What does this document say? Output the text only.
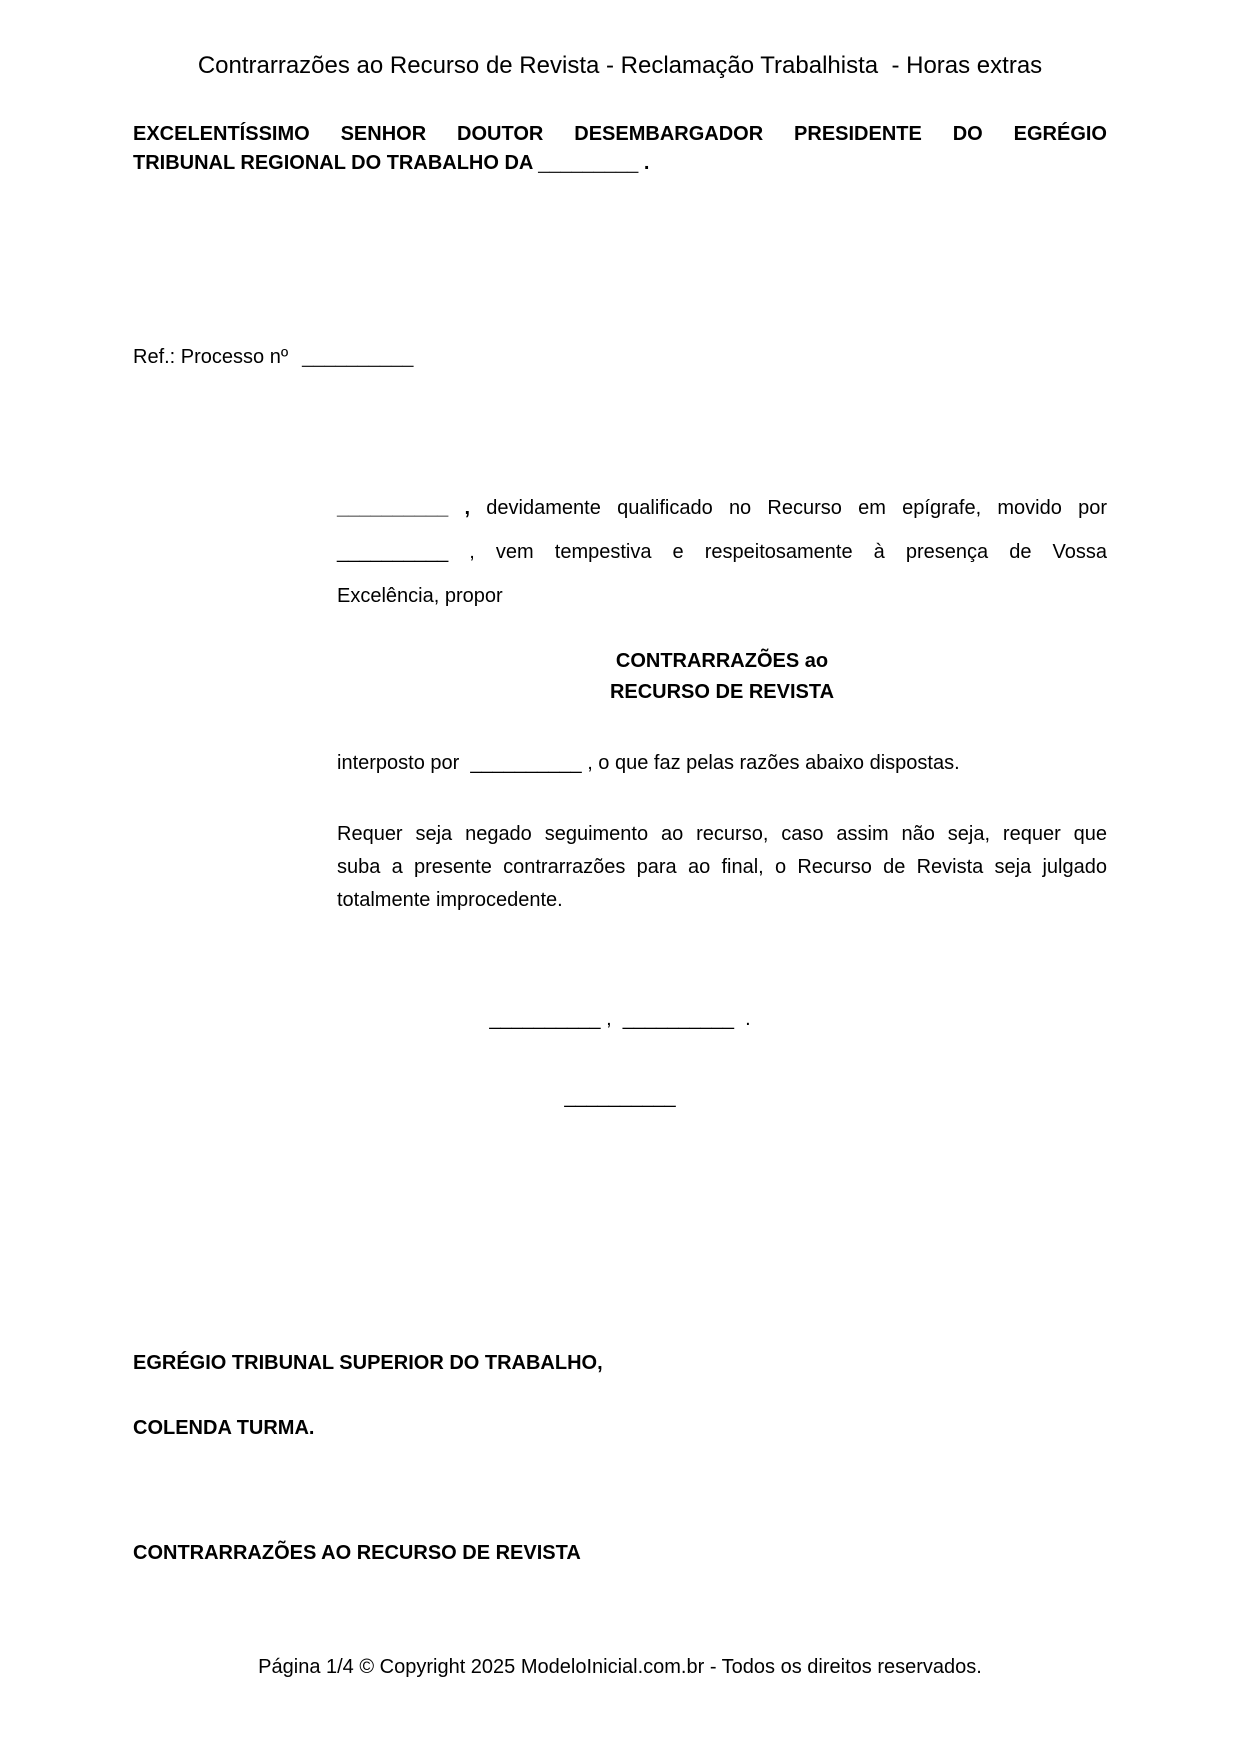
Contrarrazões ao Recurso de Revista - Reclamação Trabalhista  - Horas extras
EXCELENTÍSSIMO SENHOR DOUTOR DESEMBARGADOR PRESIDENTE DO EGRÉGIO
TRIBUNAL REGIONAL DO TRABALHO DA _________ .
Ref.: Processo nº __________
__________ , devidamente qualificado no Recurso em epígrafe, movido por
__________ , vem tempestiva e respeitosamente à presença de Vossa
Excelência, propor
CONTRARRAZÕES ao
RECURSO DE REVISTA
interposto por  __________ , o que faz pelas razões abaixo dispostas.
Requer seja negado seguimento ao recurso, caso assim não seja, requer que
suba a presente contrarrazões para ao final, o Recurso de Revista seja julgado
totalmente improcedente.
__________ ,  __________  .
__________
EGRÉGIO TRIBUNAL SUPERIOR DO TRABALHO,
COLENDA TURMA.
CONTRARRAZÕES AO RECURSO DE REVISTA
Página 1/4 © Copyright 2025 ModeloInicial.com.br - Todos os direitos reservados.
